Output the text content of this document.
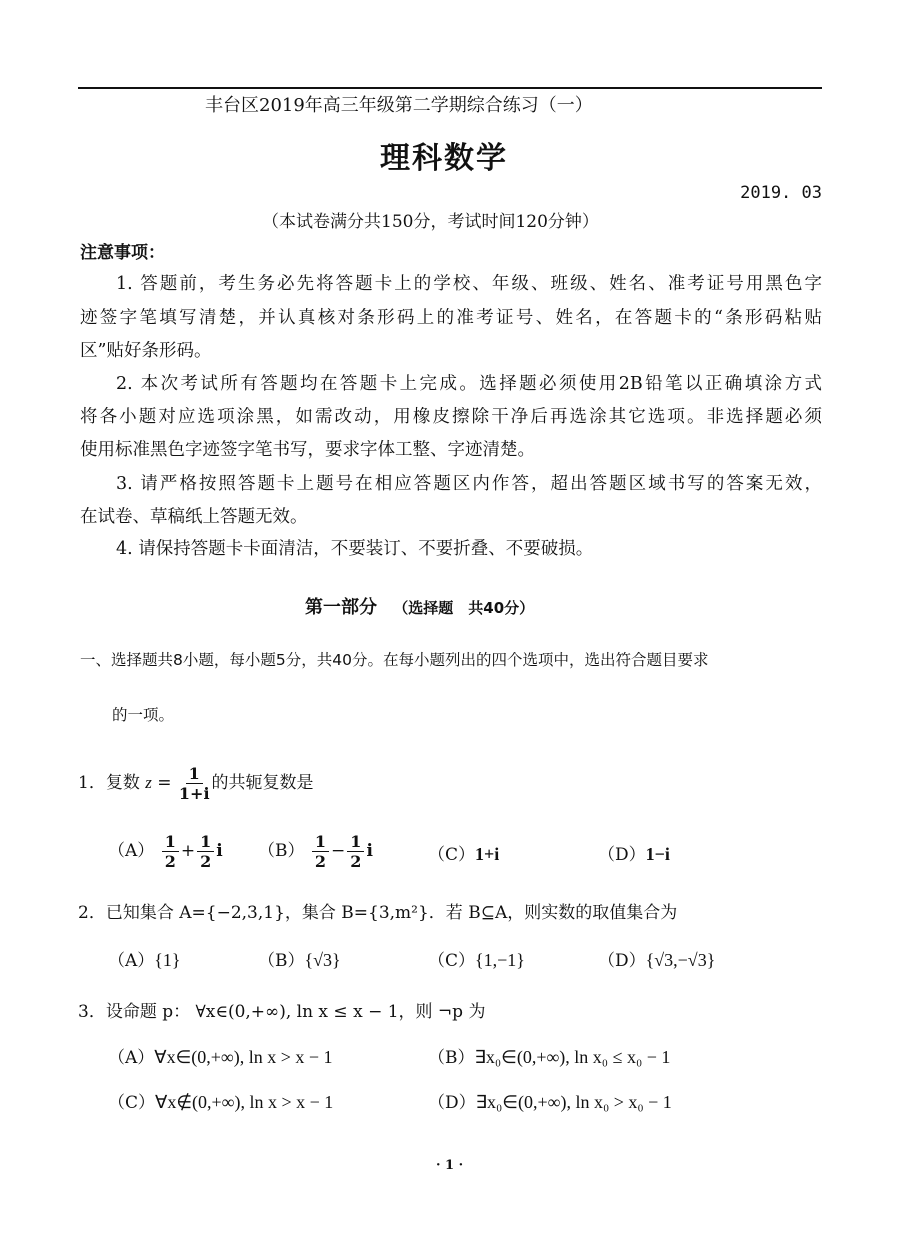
丰台区2019年高三年级第二学期综合练习（一）
理科数学
2019. 03
（本试卷满分共150分，考试时间120分钟）
注意事项：
1. 答题前，考生务必先将答题卡上的学校、年级、班级、姓名、准考证号用黑色字
迹签字笔填写清楚，并认真核对条形码上的准考证号、姓名，在答题卡的“条形码粘贴
区”贴好条形码。
2. 本次考试所有答题均在答题卡上完成。选择题必须使用2B铅笔以正确填涂方式
将各小题对应选项涂黑，如需改动，用橡皮擦除干净后再选涂其它选项。非选择题必须
使用标准黑色字迹签字笔书写，要求字体工整、字迹清楚。
3. 请严格按照答题卡上题号在相应答题区内作答，超出答题区域书写的答案无效，
在试卷、草稿纸上答题无效。
4. 请保持答题卡卡面清洁，不要装订、不要折叠、不要破损。
第一部分 （选择题　共40分）
一、选择题共8小题，每小题5分，共40分。在每小题列出的四个选项中，选出符合题目要求
的一项。
1．复数 $z = \frac{1}{1+i}$ 的共轭复数是
$(A) \frac{1}{2} + \frac{1}{2}$ i $(B) \frac{1}{2} - \frac{1}{2}$ i	（C）1+i	（D）1−i
2．已知集合 A={−2,3,1}，集合 B={3,m²}．若 B⊆A，则实数的取值集合为
（A）{1}	（B）{√3}	（C）{1,−1}	（D）{√3,−√3}
3．设命题 p： ∀x∈(0,+∞), ln x ≤ x − 1，则 ¬p 为
（A）∀x∈(0,+∞), ln x > x − 1	（B）∃x₀∈(0,+∞), ln x₀ ≤ x₀ − 1
（C）∀x∉(0,+∞), ln x > x − 1	（D）∃x₀∈(0,+∞), ln x₀ > x₀ − 1
· 1 ·
